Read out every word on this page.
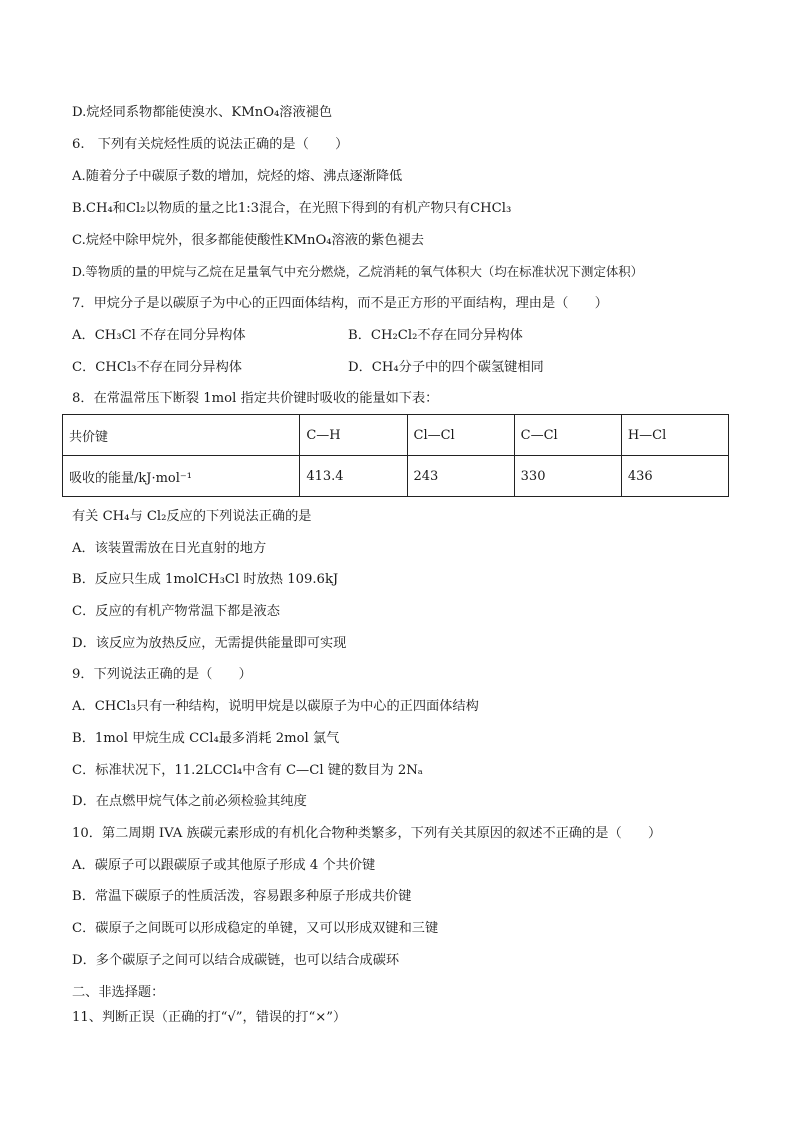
D.烷烃同系物都能使溴水、KMnO₄溶液褪色
6.　下列有关烷烃性质的说法正确的是（　　）
A.随着分子中碳原子数的增加，烷烃的熔、沸点逐渐降低
B.CH₄和Cl₂以物质的量之比1:3混合，在光照下得到的有机产物只有CHCl₃
C.烷烃中除甲烷外，很多都能使酸性KMnO₄溶液的紫色褪去
D.等物质的量的甲烷与乙烷在足量氧气中充分燃烧，乙烷消耗的氧气体积大（均在标准状况下测定体积）
7．甲烷分子是以碳原子为中心的正四面体结构，而不是正方形的平面结构，理由是（　　）
A．CH₃Cl 不存在同分异构体	B．CH₂Cl₂不存在同分异构体
C．CHCl₃不存在同分异构体	D．CH₄分子中的四个碳氢键相同
8．在常温常压下断裂 1mol 指定共价键时吸收的能量如下表：
共价键	C—H	Cl—Cl	C—Cl	H—Cl
吸收的能量/kJ·mol⁻¹	413.4	243	330	436
有关 CH₄与 Cl₂反应的下列说法正确的是
A．该装置需放在日光直射的地方
B．反应只生成 1molCH₃Cl 时放热 109.6kJ
C．反应的有机产物常温下都是液态
D．该反应为放热反应，无需提供能量即可实现
9．下列说法正确的是（　　）
A．CHCl₃只有一种结构，说明甲烷是以碳原子为中心的正四面体结构
B．1mol 甲烷生成 CCl₄最多消耗 2mol 氯气
C．标准状况下，11.2LCCl₄中含有 C—Cl 键的数目为 2Nₐ
D．在点燃甲烷气体之前必须检验其纯度
10．第二周期 IVA 族碳元素形成的有机化合物种类繁多，下列有关其原因的叙述不正确的是（　　）
A．碳原子可以跟碳原子或其他原子形成 4 个共价键
B．常温下碳原子的性质活泼，容易跟多种原子形成共价键
C．碳原子之间既可以形成稳定的单键，又可以形成双键和三键
D．多个碳原子之间可以结合成碳链，也可以结合成碳环
二、非选择题：
11、判断正误（正确的打“√”，错误的打“×”）
